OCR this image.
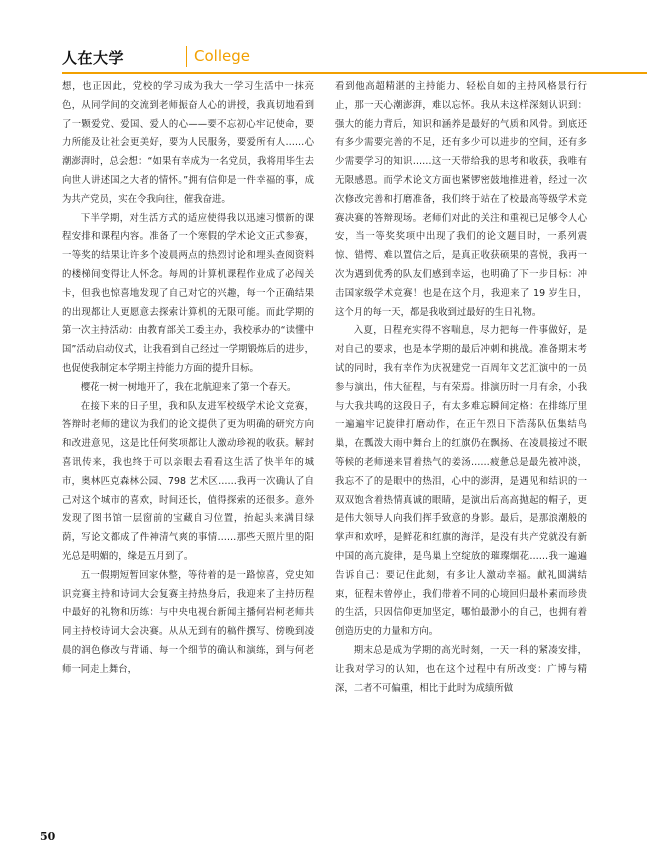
人在大学	College

想，也正因此，党校的学习成为我大一学习生活中一抹亮色，从同学间的交流到老师振奋人心的讲授，我真切地看到了一颗爱党、爱国、爱人的心——要不忘初心牢记使命，要力所能及让社会更美好，要为人民服务，要爱所有人……心潮澎湃时，总会想：“如果有幸成为一名党员，我将用毕生去向世人讲述国之大者的情怀。”拥有信仰是一件幸福的事，成为共产党员，实在令我向往，催我奋进。

下半学期，对生活方式的适应使得我以迅速习惯新的课程安排和课程内容。准备了一个寒假的学术论文正式参赛，一等奖的结果让许多个凌晨两点的热烈讨论和埋头查阅资料的楼梯间变得让人怀念。每周的计算机课程作业成了必闯关卡，但我也惊喜地发现了自己对它的兴趣，每一个正确结果的出现都让人更愿意去探索计算机的无限可能。而此学期的第一次主持活动：由教育部关工委主办，我校承办的“读懂中国”活动启动仪式，让我看到自己经过一学期锻炼后的进步，也促使我制定本学期主持能力方面的提升目标。

樱花一树一树地开了，我在北航迎来了第一个春天。

在接下来的日子里，我和队友进军校级学术论文竞赛，答辩时老师的建议为我们的论文提供了更为明确的研究方向和改进意见，这是比任何奖项都让人激动珍视的收获。解封喜讯传来，我也终于可以亲眼去看看这生活了快半年的城市，奥林匹克森林公园、798 艺术区……我再一次确认了自己对这个城市的喜欢，时间还长，值得探索的还很多。意外发现了图书馆一层窗前的宝藏自习位置，抬起头来满目绿荫，写论文都成了件神清气爽的事情……那些天照片里的阳光总是明媚的，缘是五月到了。

五一假期短暂回家休整，等待着的是一路惊喜，党史知识竞赛主持和诗词大会复赛主持热身后，我迎来了主持历程中最好的礼物和历练：与中央电视台新闻主播何岩柯老师共同主持校诗词大会决赛。从从无到有的稿件撰写、傍晚到凌晨的润色修改与背诵、每一个细节的确认和演练，到与何老师一同走上舞台，

看到他高超精湛的主持能力、轻松自如的主持风格景行行止，那一天心潮澎湃，难以忘怀。我从未这样深刻认识到：强大的能力背后，知识和涵养是最好的气质和风骨。到底还有多少需要完善的不足，还有多少可以进步的空间，还有多少需要学习的知识……这一天带给我的思考和收获，我唯有无限感恩。而学术论文方面也紧锣密鼓地推进着，经过一次次修改完善和打磨准备，我们终于站在了校最高等级学术竞赛决赛的答辩现场。老师们对此的关注和重视已足够令人心安，当一等奖奖项中出现了我们的论文题目时，一系列震惊、错愕、难以置信之后，是真正收获硕果的喜悦，我再一次为遇到优秀的队友们感到幸运，也明确了下一步目标：冲击国家级学术竞赛！也是在这个月，我迎来了 19 岁生日，这个月的每一天，都是我收到过最好的生日礼物。

入夏，日程充实得不容喘息，尽力把每一件事做好，是对自己的要求，也是本学期的最后冲刺和挑战。准备期末考试的同时，我有幸作为庆祝建党一百周年文艺汇演中的一员参与演出，伟大征程，与有荣焉。排演历时一月有余，小我与大我共鸣的这段日子，有太多难忘瞬间定格：在排练厅里一遍遍牢记旋律打磨动作，在正午烈日下浩荡队伍集结鸟巢，在瓢泼大雨中舞台上的红旗仍在飘扬、在凌晨接过不眠等候的老师递来冒着热气的姜汤……疲惫总是最先被冲淡，我忘不了的是眼中的热泪，心中的澎湃，是遇见和结识的一双双饱含着热情真诚的眼睛，是演出后高高抛起的帽子，更是伟大领导人向我们挥手致意的身影。最后，是那浪潮般的掌声和欢呼，是鲜花和红旗的海洋，是没有共产党就没有新中国的高亢旋律，是鸟巢上空绽放的璀璨烟花……我一遍遍告诉自己：要记住此刻，有多让人激动幸福。献礼圆满结束，征程未曾停止，我们带着不同的心境回归最朴素而珍贵的生活，只因信仰更加坚定，哪怕最渺小的自己，也拥有着创造历史的力量和方向。

期末总是成为学期的高光时刻，一天一科的紧凑安排，让我对学习的认知，也在这个过程中有所改变：广博与精深，二者不可偏重，相比于此时为成绩所做

50
